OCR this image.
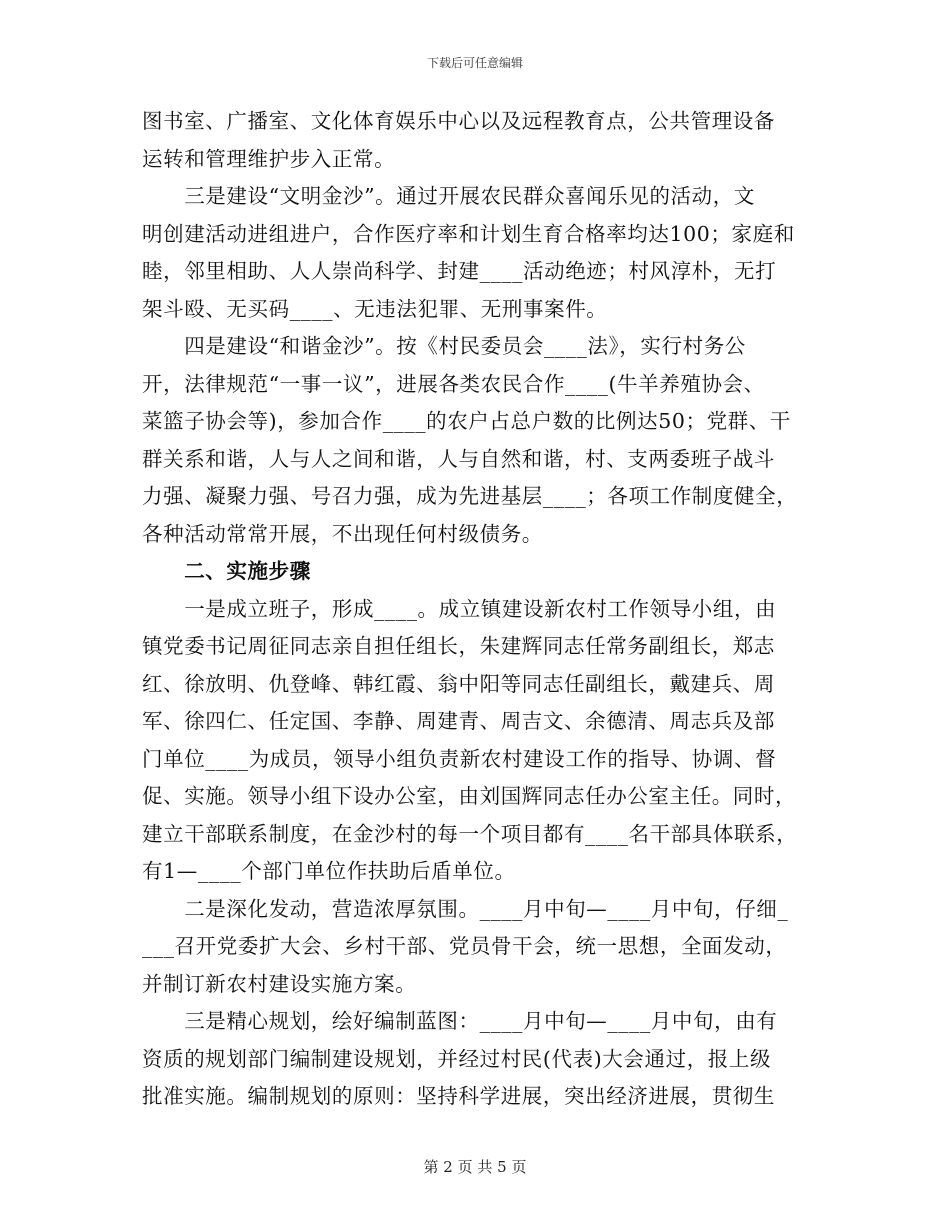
下载后可任意编辑
图书室、广播室、文化体育娱乐中心以及远程教育点，公共管理设备
运转和管理维护步入正常。
　　三是建设“文明金沙”。通过开展农民群众喜闻乐见的活动，文
明创建活动进组进户，合作医疗率和计划生育合格率均达100；家庭和
睦，邻里相助、人人崇尚科学、封建____活动绝迹；村风淳朴，无打
架斗殴、无买码____、无违法犯罪、无刑事案件。
　　四是建设“和谐金沙”。按《村民委员会____法》，实行村务公
开，法律规范“一事一议”，进展各类农民合作____(牛羊养殖协会、
菜篮子协会等)，参加合作____的农户占总户数的比例达50；党群、干
群关系和谐，人与人之间和谐，人与自然和谐，村、支两委班子战斗
力强、凝聚力强、号召力强，成为先进基层____；各项工作制度健全，
各种活动常常开展，不出现任何村级债务。
　　二、实施步骤
　　一是成立班子，形成____。成立镇建设新农村工作领导小组，由
镇党委书记周征同志亲自担任组长，朱建辉同志任常务副组长，郑志
红、徐放明、仇登峰、韩红霞、翁中阳等同志任副组长，戴建兵、周
军、徐四仁、任定国、李静、周建青、周吉文、余德清、周志兵及部
门单位____为成员，领导小组负责新农村建设工作的指导、协调、督
促、实施。领导小组下设办公室，由刘国辉同志任办公室主任。同时，
建立干部联系制度，在金沙村的每一个项目都有____名干部具体联系，
有1—____个部门单位作扶助后盾单位。
　　二是深化发动，营造浓厚氛围。____月中旬—____月中旬，仔细_
___召开党委扩大会、乡村干部、党员骨干会，统一思想，全面发动，
并制订新农村建设实施方案。
　　三是精心规划，绘好编制蓝图：____月中旬—____月中旬，由有
资质的规划部门编制建设规划，并经过村民(代表)大会通过，报上级
批准实施。编制规划的原则：坚持科学进展，突出经济进展，贯彻生
第 2 页 共 5 页
